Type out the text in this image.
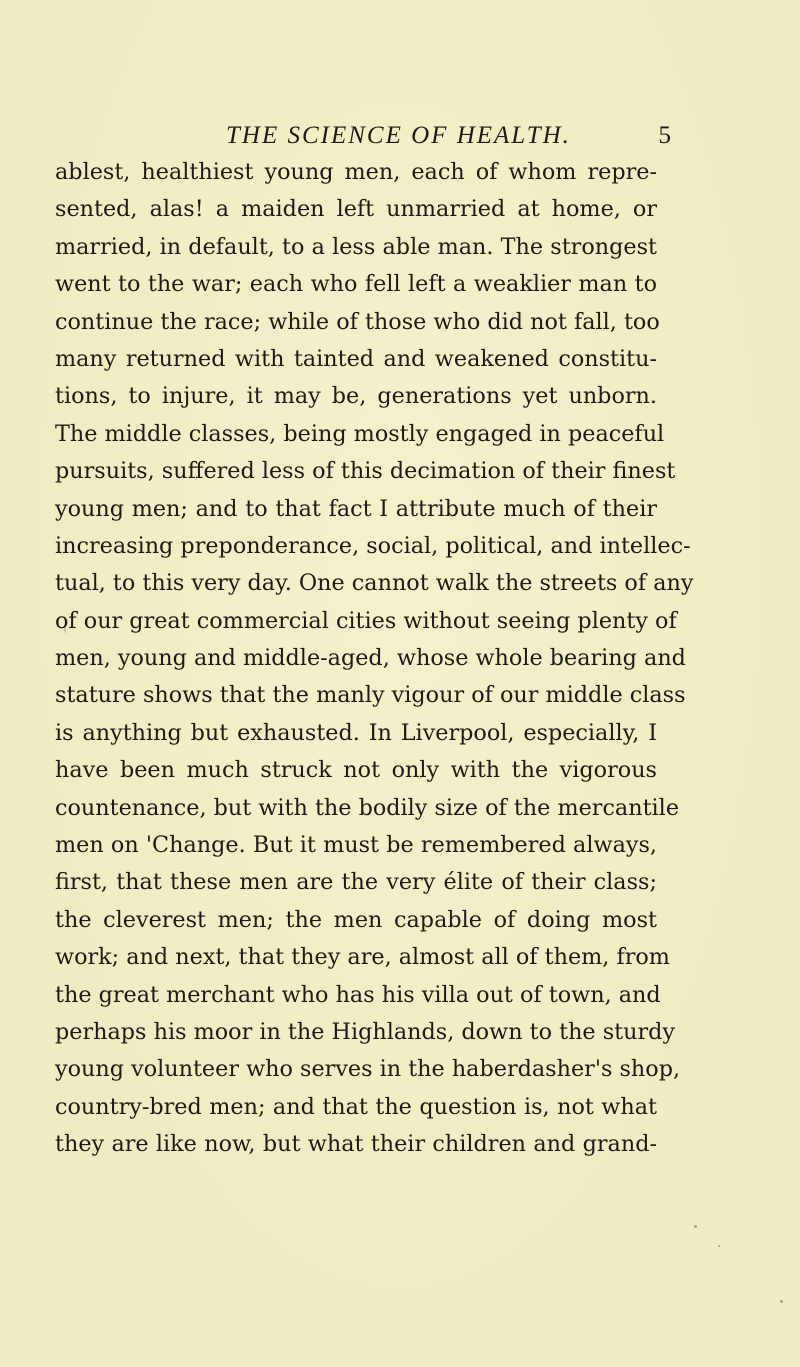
THE SCIENCE OF HEALTH.	5
ablest, healthiest young men, each of whom repre-
sented, alas! a maiden left unmarried at home, or
married, in default, to a less able man. The strongest
went to the war; each who fell left a weaklier man to
continue the race; while of those who did not fall, too
many returned with tainted and weakened constitu-
tions, to injure, it may be, generations yet unborn.
The middle classes, being mostly engaged in peaceful
pursuits, suffered less of this decimation of their finest
young men; and to that fact I attribute much of their
increasing preponderance, social, political, and intellec-
tual, to this very day. One cannot walk the streets of any
of our great commercial cities without seeing plenty of
men, young and middle-aged, whose whole bearing and
stature shows that the manly vigour of our middle class
is anything but exhausted. In Liverpool, especially, I
have been much struck not only with the vigorous
countenance, but with the bodily size of the mercantile
men on 'Change. But it must be remembered always,
first, that these men are the very élite of their class;
the cleverest men; the men capable of doing most
work; and next, that they are, almost all of them, from
the great merchant who has his villa out of town, and
perhaps his moor in the Highlands, down to the sturdy
young volunteer who serves in the haberdasher's shop,
country-bred men; and that the question is, not what
they are like now, but what their children and grand-
